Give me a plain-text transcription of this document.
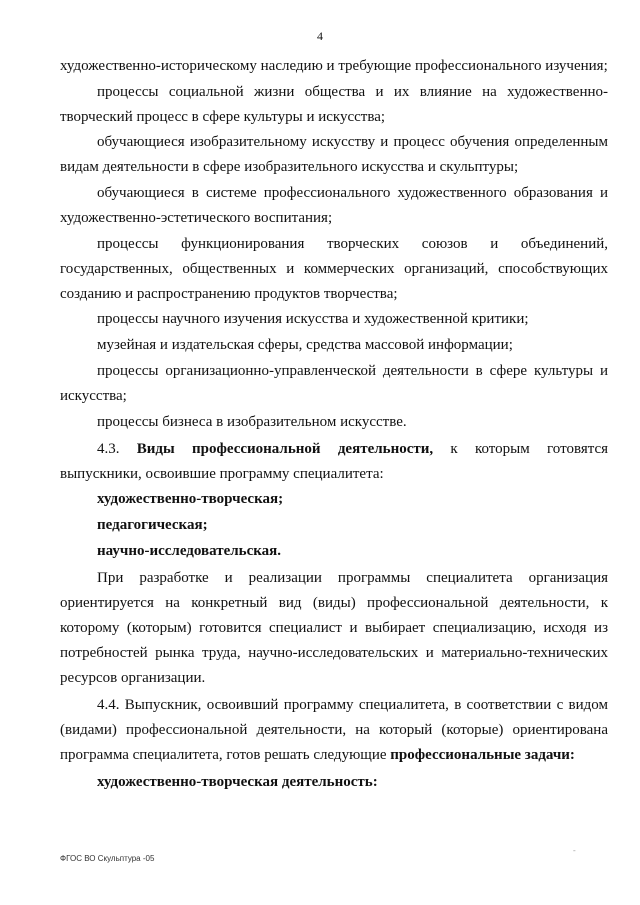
4

художественно-историческому наследию и требующие профессионального изучения;

процессы социальной жизни общества и их влияние на художественно-творческий процесс в сфере культуры и искусства;

обучающиеся изобразительному искусству и процесс обучения определенным видам деятельности в сфере изобразительного искусства и скульптуры;

обучающиеся в системе профессионального художественного образования и художественно-эстетического воспитания;

процессы функционирования творческих союзов и объединений, государственных, общественных и коммерческих организаций, способствующих созданию и распространению продуктов творчества;

процессы научного изучения искусства и художественной критики;

музейная и издательская сферы, средства массовой информации;

процессы организационно-управленческой деятельности в сфере культуры и искусства;

процессы бизнеса в изобразительном искусстве.

4.3. Виды профессиональной деятельности, к которым готовятся выпускники, освоившие программу специалитета:

художественно-творческая;

педагогическая;

научно-исследовательская.

При разработке и реализации программы специалитета организация ориентируется на конкретный вид (виды) профессиональной деятельности, к которому (которым) готовится специалист и выбирает специализацию, исходя из потребностей рынка труда, научно-исследовательских и материально-технических ресурсов организации.

4.4. Выпускник, освоивший программу специалитета, в соответствии с видом (видами) профессиональной деятельности, на который (которые) ориентирована программа специалитета, готов решать следующие профессиональные задачи:

художественно-творческая деятельность:

-
ФГОС ВО Скульптура -05
